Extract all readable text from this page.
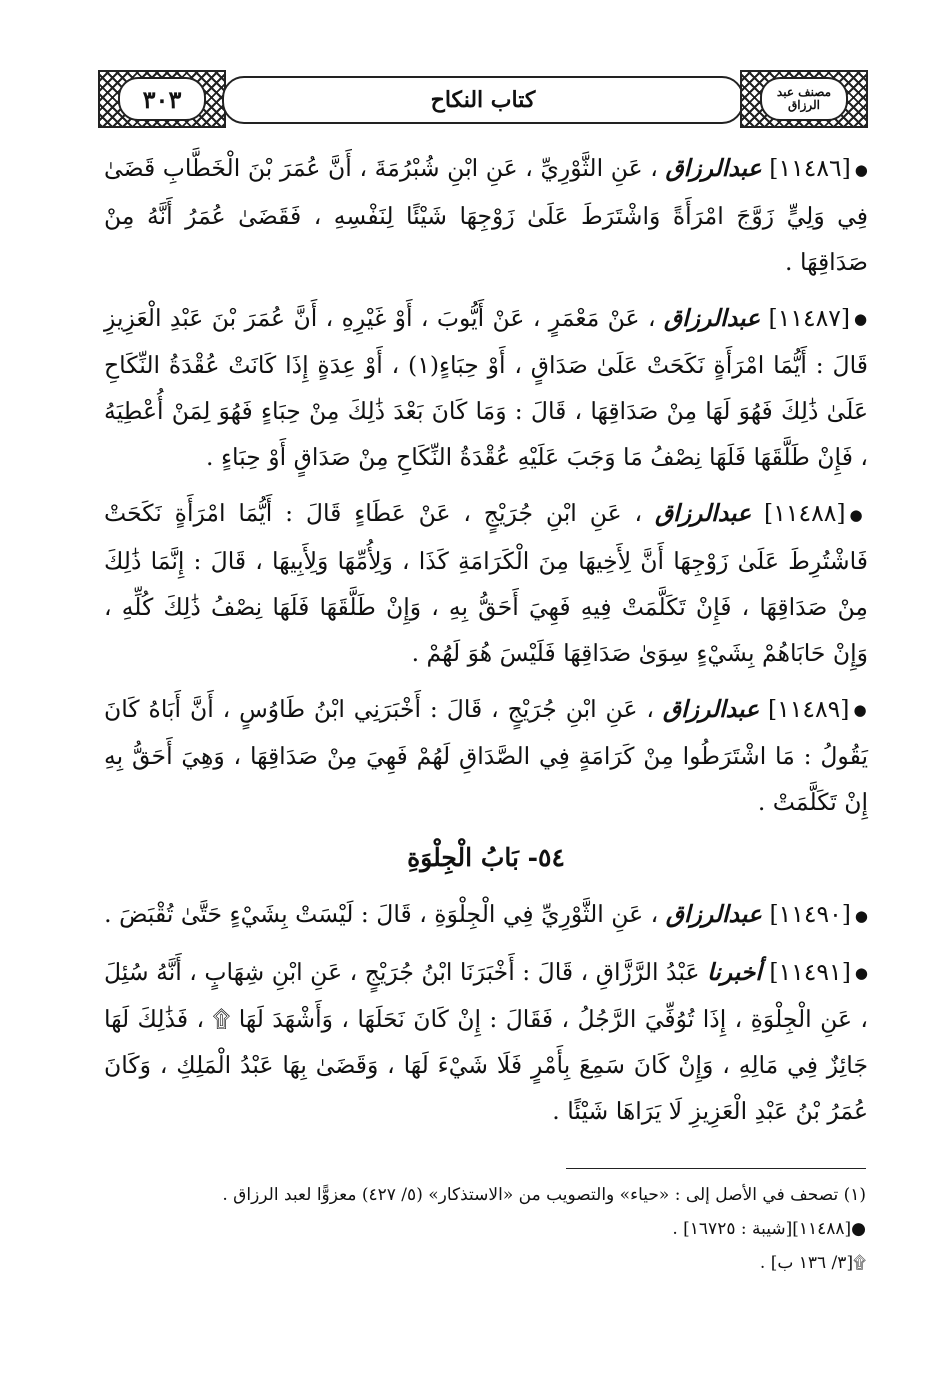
٣٠٣	كتاب النكاح	مصنف عبد الرزاق

●[١١٤٨٦] عبدالرزاق ، عَنِ الثَّوْرِيِّ ، عَنِ ابْنِ شُبْرُمَةَ ، أَنَّ عُمَرَ بْنَ الْخَطَّابِ قَضَىٰ فِي وَلِيٍّ زَوَّجَ امْرَأَةً وَاشْتَرَطَ عَلَىٰ زَوْجِهَا شَيْئًا لِنَفْسِهِ ، فَقَضَىٰ عُمَرُ أَنَّهُ مِنْ صَدَاقِهَا .

●[١١٤٨٧] عبدالرزاق ، عَنْ مَعْمَرٍ ، عَنْ أَيُّوبَ ، أَوْ غَيْرِهِ ، أَنَّ عُمَرَ بْنَ عَبْدِ الْعَزِيزِ قَالَ : أَيُّمَا امْرَأَةٍ نَكَحَتْ عَلَىٰ صَدَاقٍ ، أَوْ حِبَاءٍ(١) ، أَوْ عِدَةٍ إِذَا كَانَتْ عُقْدَةُ النِّكَاحِ عَلَىٰ ذَٰلِكَ فَهُوَ لَهَا مِنْ صَدَاقِهَا ، قَالَ : وَمَا كَانَ بَعْدَ ذَٰلِكَ مِنْ حِبَاءٍ فَهُوَ لِمَنْ أُعْطِيَهُ ، فَإِنْ طَلَّقَهَا فَلَهَا نِصْفُ مَا وَجَبَ عَلَيْهِ عُقْدَةُ النِّكَاحِ مِنْ صَدَاقٍ أَوْ حِبَاءٍ .

●[١١٤٨٨] عبدالرزاق ، عَنِ ابْنِ جُرَيْجٍ ، عَنْ عَطَاءٍ قَالَ : أَيُّمَا امْرَأَةٍ نَكَحَتْ فَاشْتُرِطَ عَلَىٰ زَوْجِهَا أَنَّ لِأَخِيهَا مِنَ الْكَرَامَةِ كَذَا ، وَلِأُمِّهَا وَلِأَبِيهَا ، قَالَ : إِنَّمَا ذَٰلِكَ مِنْ صَدَاقِهَا ، فَإِنْ تَكَلَّمَتْ فِيهِ فَهِيَ أَحَقُّ بِهِ ، وَإِنْ طَلَّقَهَا فَلَهَا نِصْفُ ذَٰلِكَ كُلِّهِ ، وَإِنْ حَابَاهُمْ بِشَيْءٍ سِوَىٰ صَدَاقِهَا فَلَيْسَ هُوَ لَهُمْ .

●[١١٤٨٩] عبدالرزاق ، عَنِ ابْنِ جُرَيْجٍ ، قَالَ : أَخْبَرَنِي ابْنُ طَاوُسٍ ، أَنَّ أَبَاهُ كَانَ يَقُولُ : مَا اشْتَرَطُوا مِنْ كَرَامَةٍ فِي الصَّدَاقِ لَهُمْ فَهِيَ مِنْ صَدَاقِهَا ، وَهِيَ أَحَقُّ بِهِ إِنْ تَكَلَّمَتْ .

٥٤- بَابُ الْجِلْوَةِ

●[١١٤٩٠] عبدالرزاق ، عَنِ الثَّوْرِيِّ فِي الْجِلْوَةِ ، قَالَ : لَيْسَتْ بِشَيْءٍ حَتَّىٰ تُقْبَضَ .

●[١١٤٩١] أخبرنا عَبْدُ الرَّزَّاقِ ، قَالَ : أَخْبَرَنَا ابْنُ جُرَيْجٍ ، عَنِ ابْنِ شِهَابٍ ، أَنَّهُ سُئِلَ ، عَنِ الْجِلْوَةِ ، إِذَا تُوُفِّيَ الرَّجُلُ ، فَقَالَ : إِنْ كَانَ نَحَلَهَا ، وَأَشْهَدَ لَهَا ۩ ، فَذَٰلِكَ لَهَا جَائِزٌ فِي مَالِهِ ، وَإِنْ كَانَ سَمِعَ بِأَمْرٍ فَلَا شَيْءَ لَهَا ، وَقَضَىٰ بِهَا عَبْدُ الْمَلِكِ ، وَكَانَ عُمَرُ بْنُ عَبْدِ الْعَزِيزِ لَا يَرَاهَا شَيْئًا .

(١) تصحف في الأصل إلى : «حياء» والتصويب من «الاستذكار» (٥/ ٤٢٧) معزوًّا لعبد الرزاق .
●[١١٤٨٨][شيبة : ١٦٧٢٥] .
۩[٣/ ١٣٦ ب] .
